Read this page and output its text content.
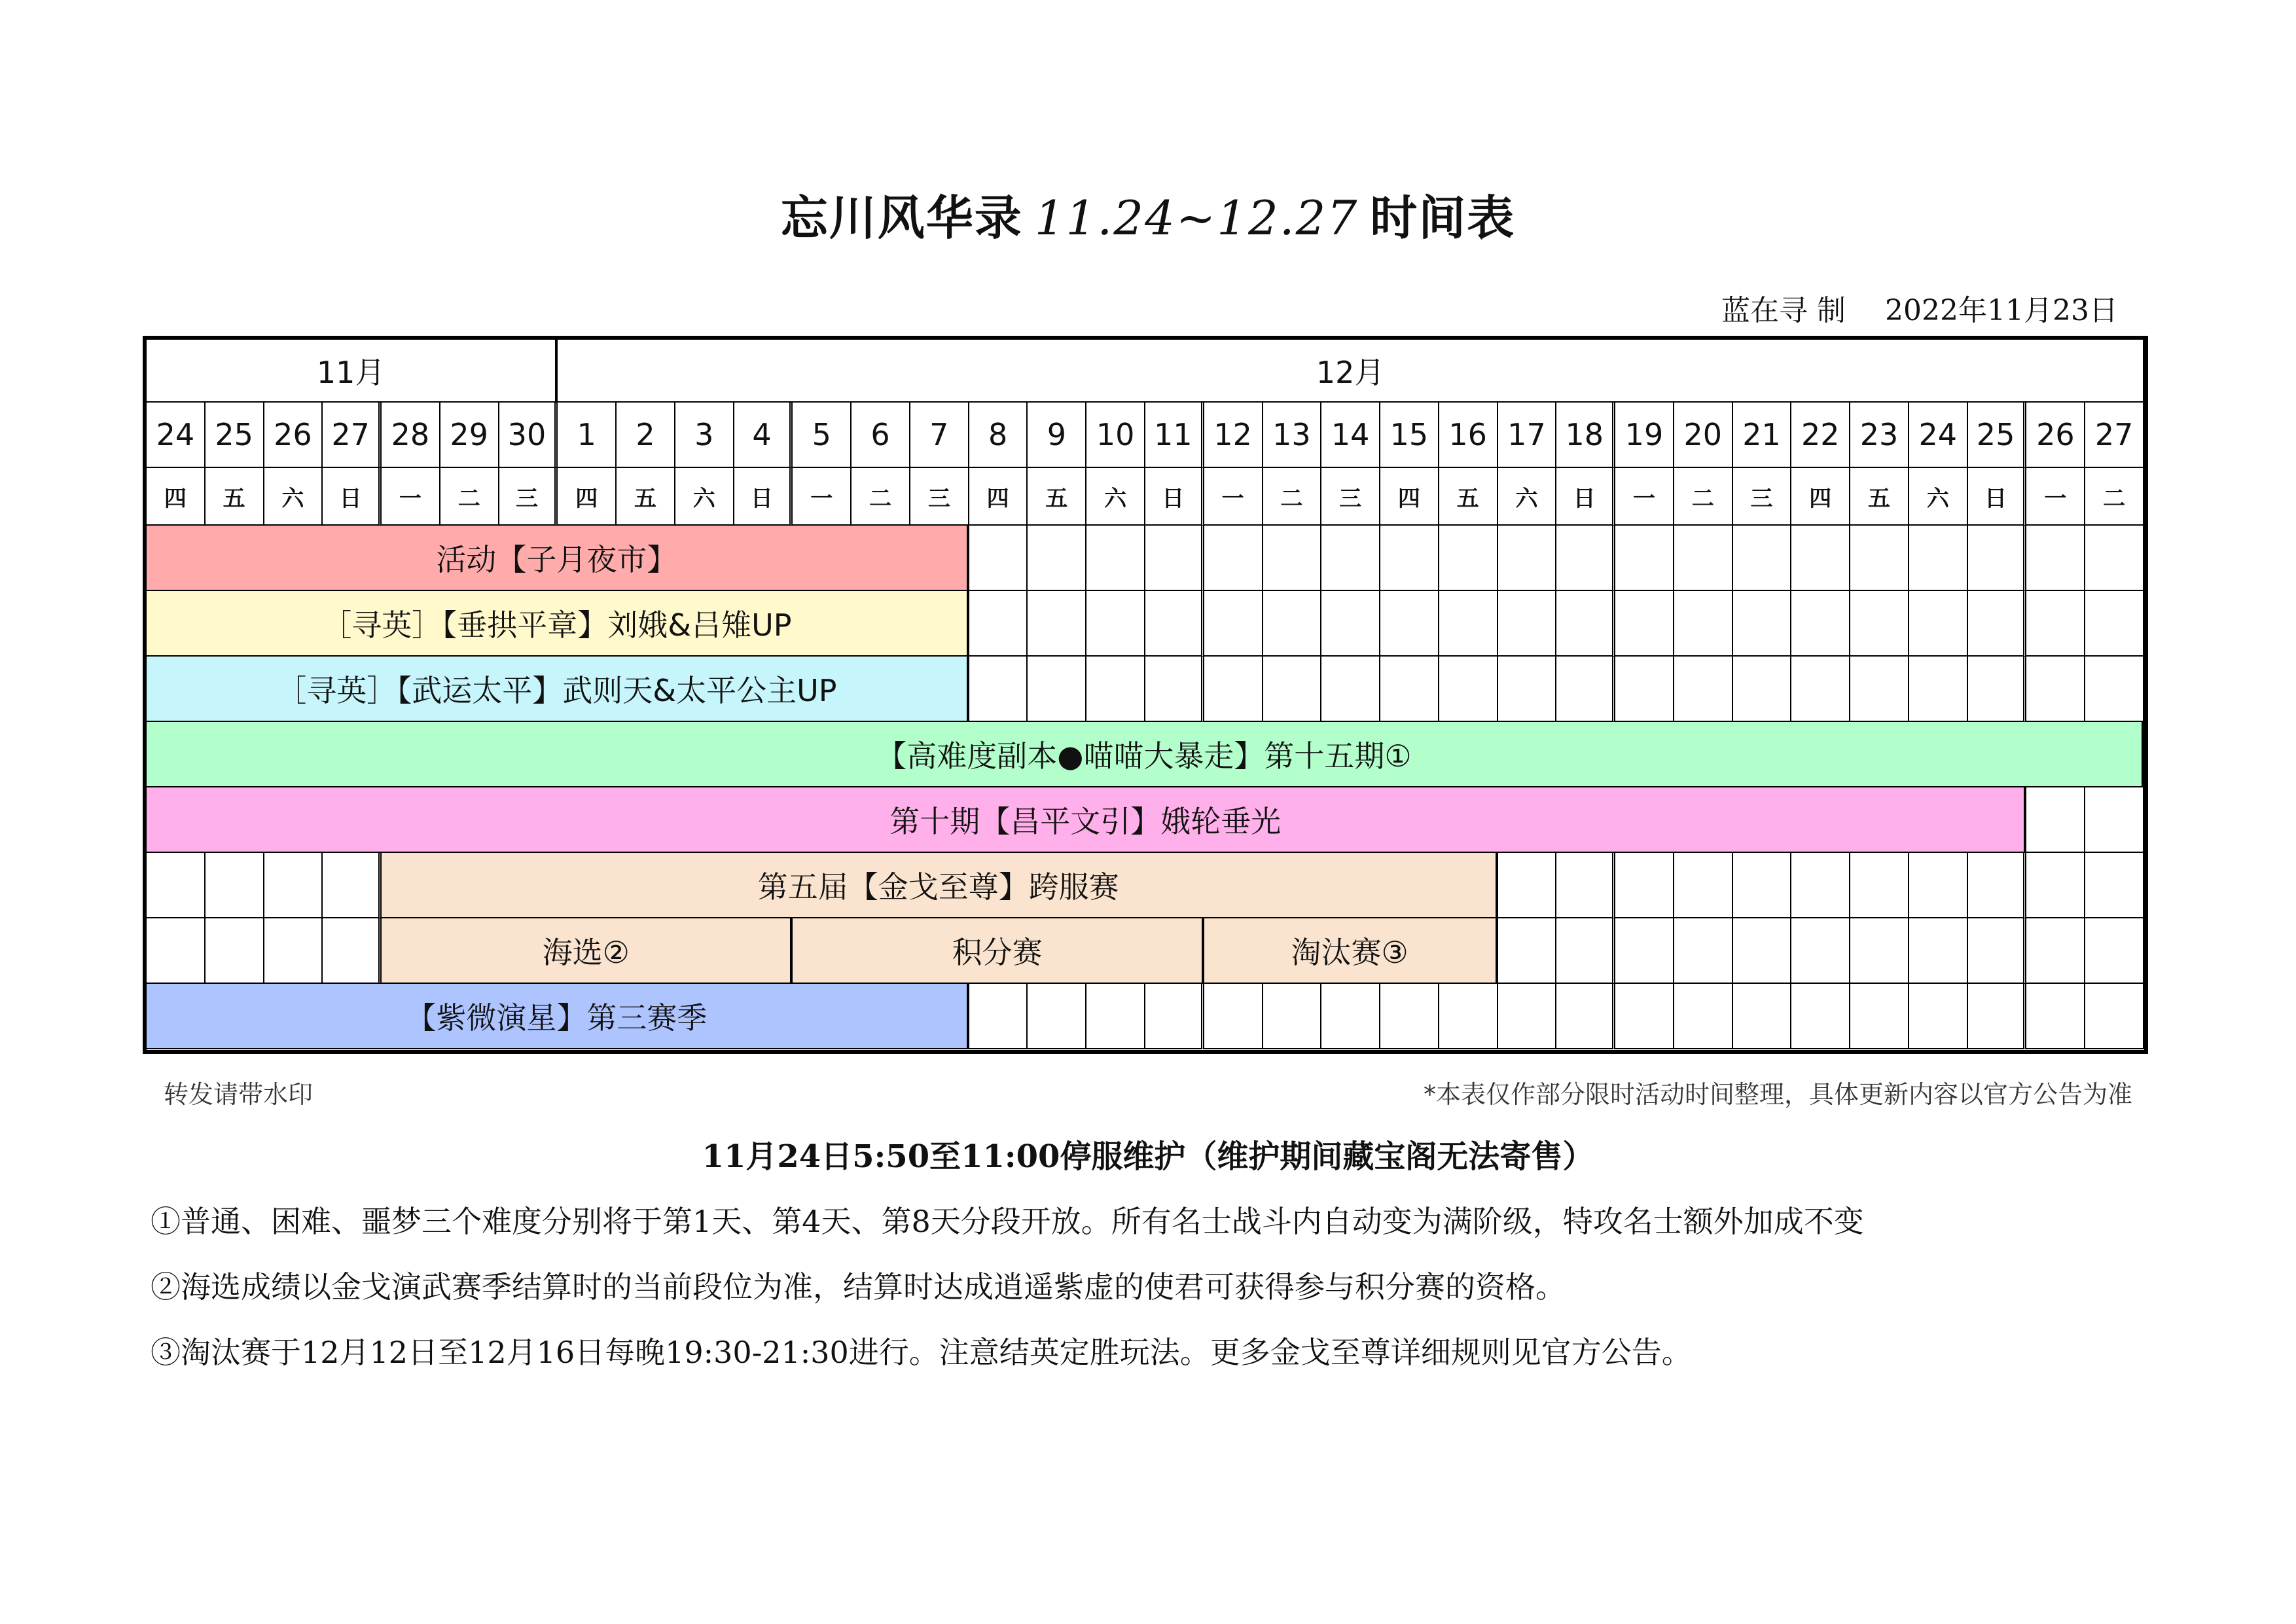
忘川风华录 11.24~12.27 时间表
蓝在寻 制 2022年11月23日
11月	12月
24 25 26 27 28 29 30	1	2	3	4	5	6	7	8	9 10 11 12 13 14 15 16 17 18 19 20 21 22 23 24 25 26 27
四	五	六	日	一	二	三	四	五	六	日	一	二	三	四	五	六	日	一	二	三	四	五	六	日	一	二	三	四	五	六	日	一	二
活动【子月夜市】
［寻英］【垂拱平章】刘娥&吕雉UP
［寻英］【武运太平】武则天&太平公主UP
【高难度副本●喵喵大暴走】第十五期①
第十期【昌平文引】娥轮垂光
第五届【金戈至尊】跨服赛
海选②	积分赛	淘汰赛③
【紫微演星】第三赛季
转发请带水印	*本表仅作部分限时活动时间整理，具体更新内容以官方公告为准
11月24日5:50至11:00停服维护（维护期间藏宝阁无法寄售）
①普通、困难、噩梦三个难度分别将于第1天、第4天、第8天分段开放。所有名士战斗内自动变为满阶级，特攻名士额外加成不变
②海选成绩以金戈演武赛季结算时的当前段位为准，结算时达成逍遥紫虚的使君可获得参与积分赛的资格。
③淘汰赛于12月12日至12月16日每晚19:30-21:30进行。注意结英定胜玩法。更多金戈至尊详细规则见官方公告。
